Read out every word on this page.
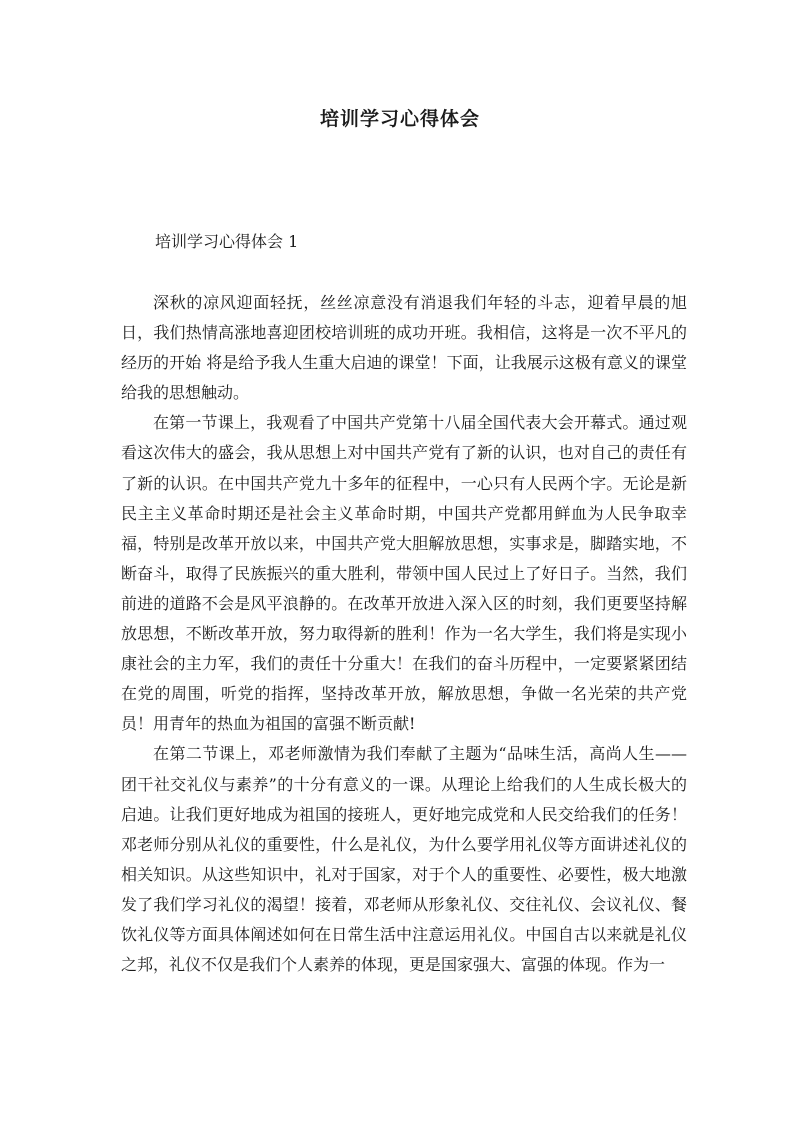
培训学习心得体会

培训学习心得体会 1

深秋的凉风迎面轻抚，丝丝凉意没有消退我们年轻的斗志，迎着早晨的旭日，我们热情高涨地喜迎团校培训班的成功开班。我相信，这将是一次不平凡的经历的开始 将是给予我人生重大启迪的课堂！下面，让我展示这极有意义的课堂给我的思想触动。

在第一节课上，我观看了中国共产党第十八届全国代表大会开幕式。通过观看这次伟大的盛会，我从思想上对中国共产党有了新的认识，也对自己的责任有了新的认识。在中国共产党九十多年的征程中，一心只有人民两个字。无论是新民主主义革命时期还是社会主义革命时期，中国共产党都用鲜血为人民争取幸福，特别是改革开放以来，中国共产党大胆解放思想，实事求是，脚踏实地，不断奋斗，取得了民族振兴的重大胜利，带领中国人民过上了好日子。当然，我们前进的道路不会是风平浪静的。在改革开放进入深入区的时刻，我们更要坚持解放思想，不断改革开放，努力取得新的胜利！作为一名大学生，我们将是实现小康社会的主力军，我们的责任十分重大！在我们的奋斗历程中，一定要紧紧团结在党的周围，听党的指挥，坚持改革开放，解放思想，争做一名光荣的共产党员！用青年的热血为祖国的富强不断贡献!

在第二节课上，邓老师激情为我们奉献了主题为“品味生活，高尚人生——团干社交礼仪与素养”的十分有意义的一课。从理论上给我们的人生成长极大的启迪。让我们更好地成为祖国的接班人，更好地完成党和人民交给我们的任务！邓老师分别从礼仪的重要性，什么是礼仪，为什么要学用礼仪等方面讲述礼仪的相关知识。从这些知识中，礼对于国家，对于个人的重要性、必要性，极大地激发了我们学习礼仪的渴望！接着，邓老师从形象礼仪、交往礼仪、会议礼仪、餐饮礼仪等方面具体阐述如何在日常生活中注意运用礼仪。中国自古以来就是礼仪之邦，礼仪不仅是我们个人素养的体现，更是国家强大、富强的体现。作为一
